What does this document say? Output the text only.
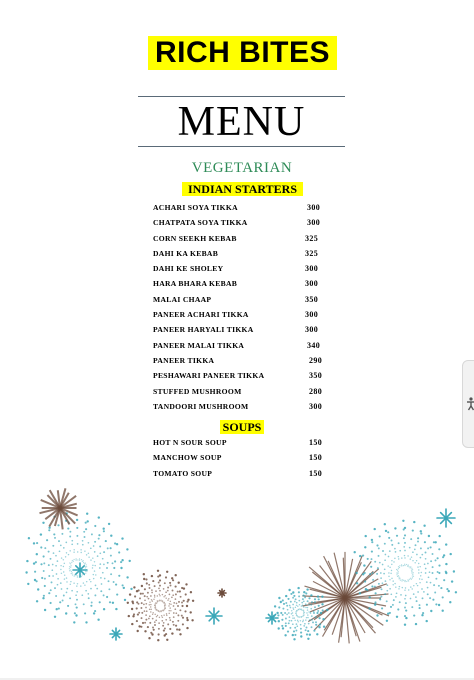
RICH BITES
MENU
VEGETARIAN
INDIAN STARTERS
ACHARI SOYA TIKKA	300
CHATPATA SOYA TIKKA	300
CORN SEEKH KEBAB	325
DAHI KA KEBAB	325
DAHI KE SHOLEY	300
HARA BHARA KEBAB	300
MALAI CHAAP	350
PANEER ACHARI TIKKA	300
PANEER HARYALI TIKKA	300
PANEER MALAI TIKKA	340
PANEER TIKKA	290
PESHAWARI PANEER TIKKA	350
STUFFED MUSHROOM	280
TANDOORI MUSHROOM	300
SOUPS
HOT N SOUR SOUP	150
MANCHOW SOUP	150
TOMATO SOUP	150
